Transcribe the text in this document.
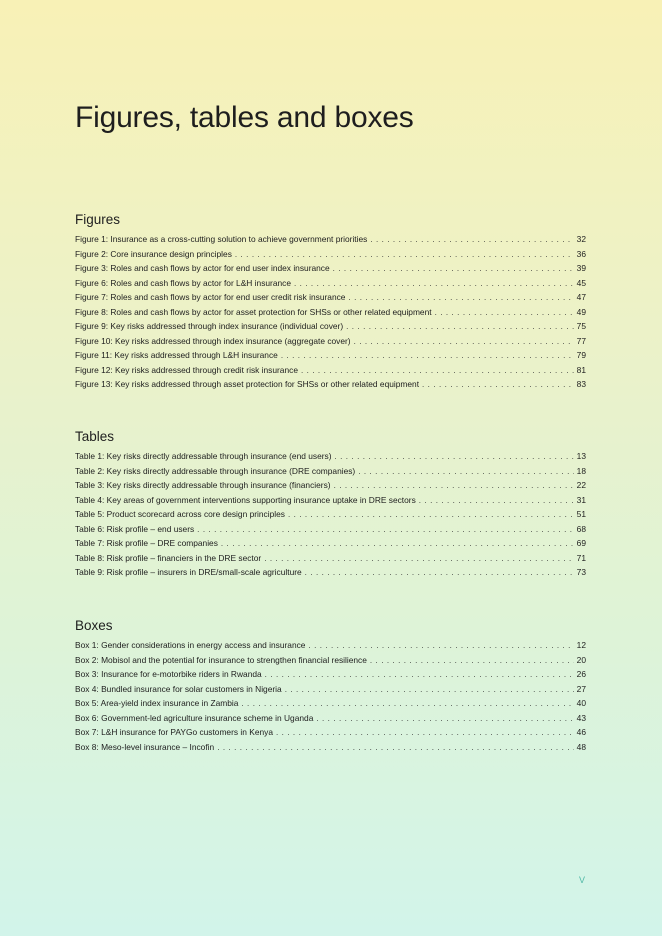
Figures, tables and boxes
Figures
Figure 1: Insurance as a cross-cutting solution to achieve government priorities . . .	32
Figure 2: Core insurance design principles . . .	36
Figure 3: Roles and cash flows by actor for end user index insurance . . .	39
Figure 6: Roles and cash flows by actor for L&H insurance . . .	45
Figure 7: Roles and cash flows by actor for end user credit risk insurance . . .	47
Figure 8: Roles and cash flows by actor for asset protection for SHSs or other related equipment . . .	49
Figure 9: Key risks addressed through index insurance (individual cover) . . .	75
Figure 10: Key risks addressed through index insurance (aggregate cover) . . .	77
Figure 11: Key risks addressed through L&H insurance . . .	79
Figure 12: Key risks addressed through credit risk insurance . . .	81
Figure 13: Key risks addressed through asset protection for SHSs or other related equipment . . .	83
Tables
Table 1: Key risks directly addressable through insurance (end users) . . .	13
Table 2: Key risks directly addressable through insurance (DRE companies) . . .	18
Table 3: Key risks directly addressable through insurance (financiers) . . .	22
Table 4: Key areas of government interventions supporting insurance uptake in DRE sectors . . .	31
Table 5: Product scorecard across core design principles . . .	51
Table 6: Risk profile – end users . . .	68
Table 7: Risk profile – DRE companies . . .	69
Table 8: Risk profile – financiers in the DRE sector . . .	71
Table 9: Risk profile – insurers in DRE/small-scale agriculture . . .	73
Boxes
Box 1: Gender considerations in energy access and insurance . . .	12
Box 2: Mobisol and the potential for insurance to strengthen financial resilience . . .	20
Box 3: Insurance for e-motorbike riders in Rwanda . . .	26
Box 4: Bundled insurance for solar customers in Nigeria . . .	27
Box 5: Area-yield index insurance in Zambia . . .	40
Box 6: Government-led agriculture insurance scheme in Uganda . . .	43
Box 7: L&H insurance for PAYGo customers in Kenya . . .	46
Box 8: Meso-level insurance – Incofin . . .	48
V
